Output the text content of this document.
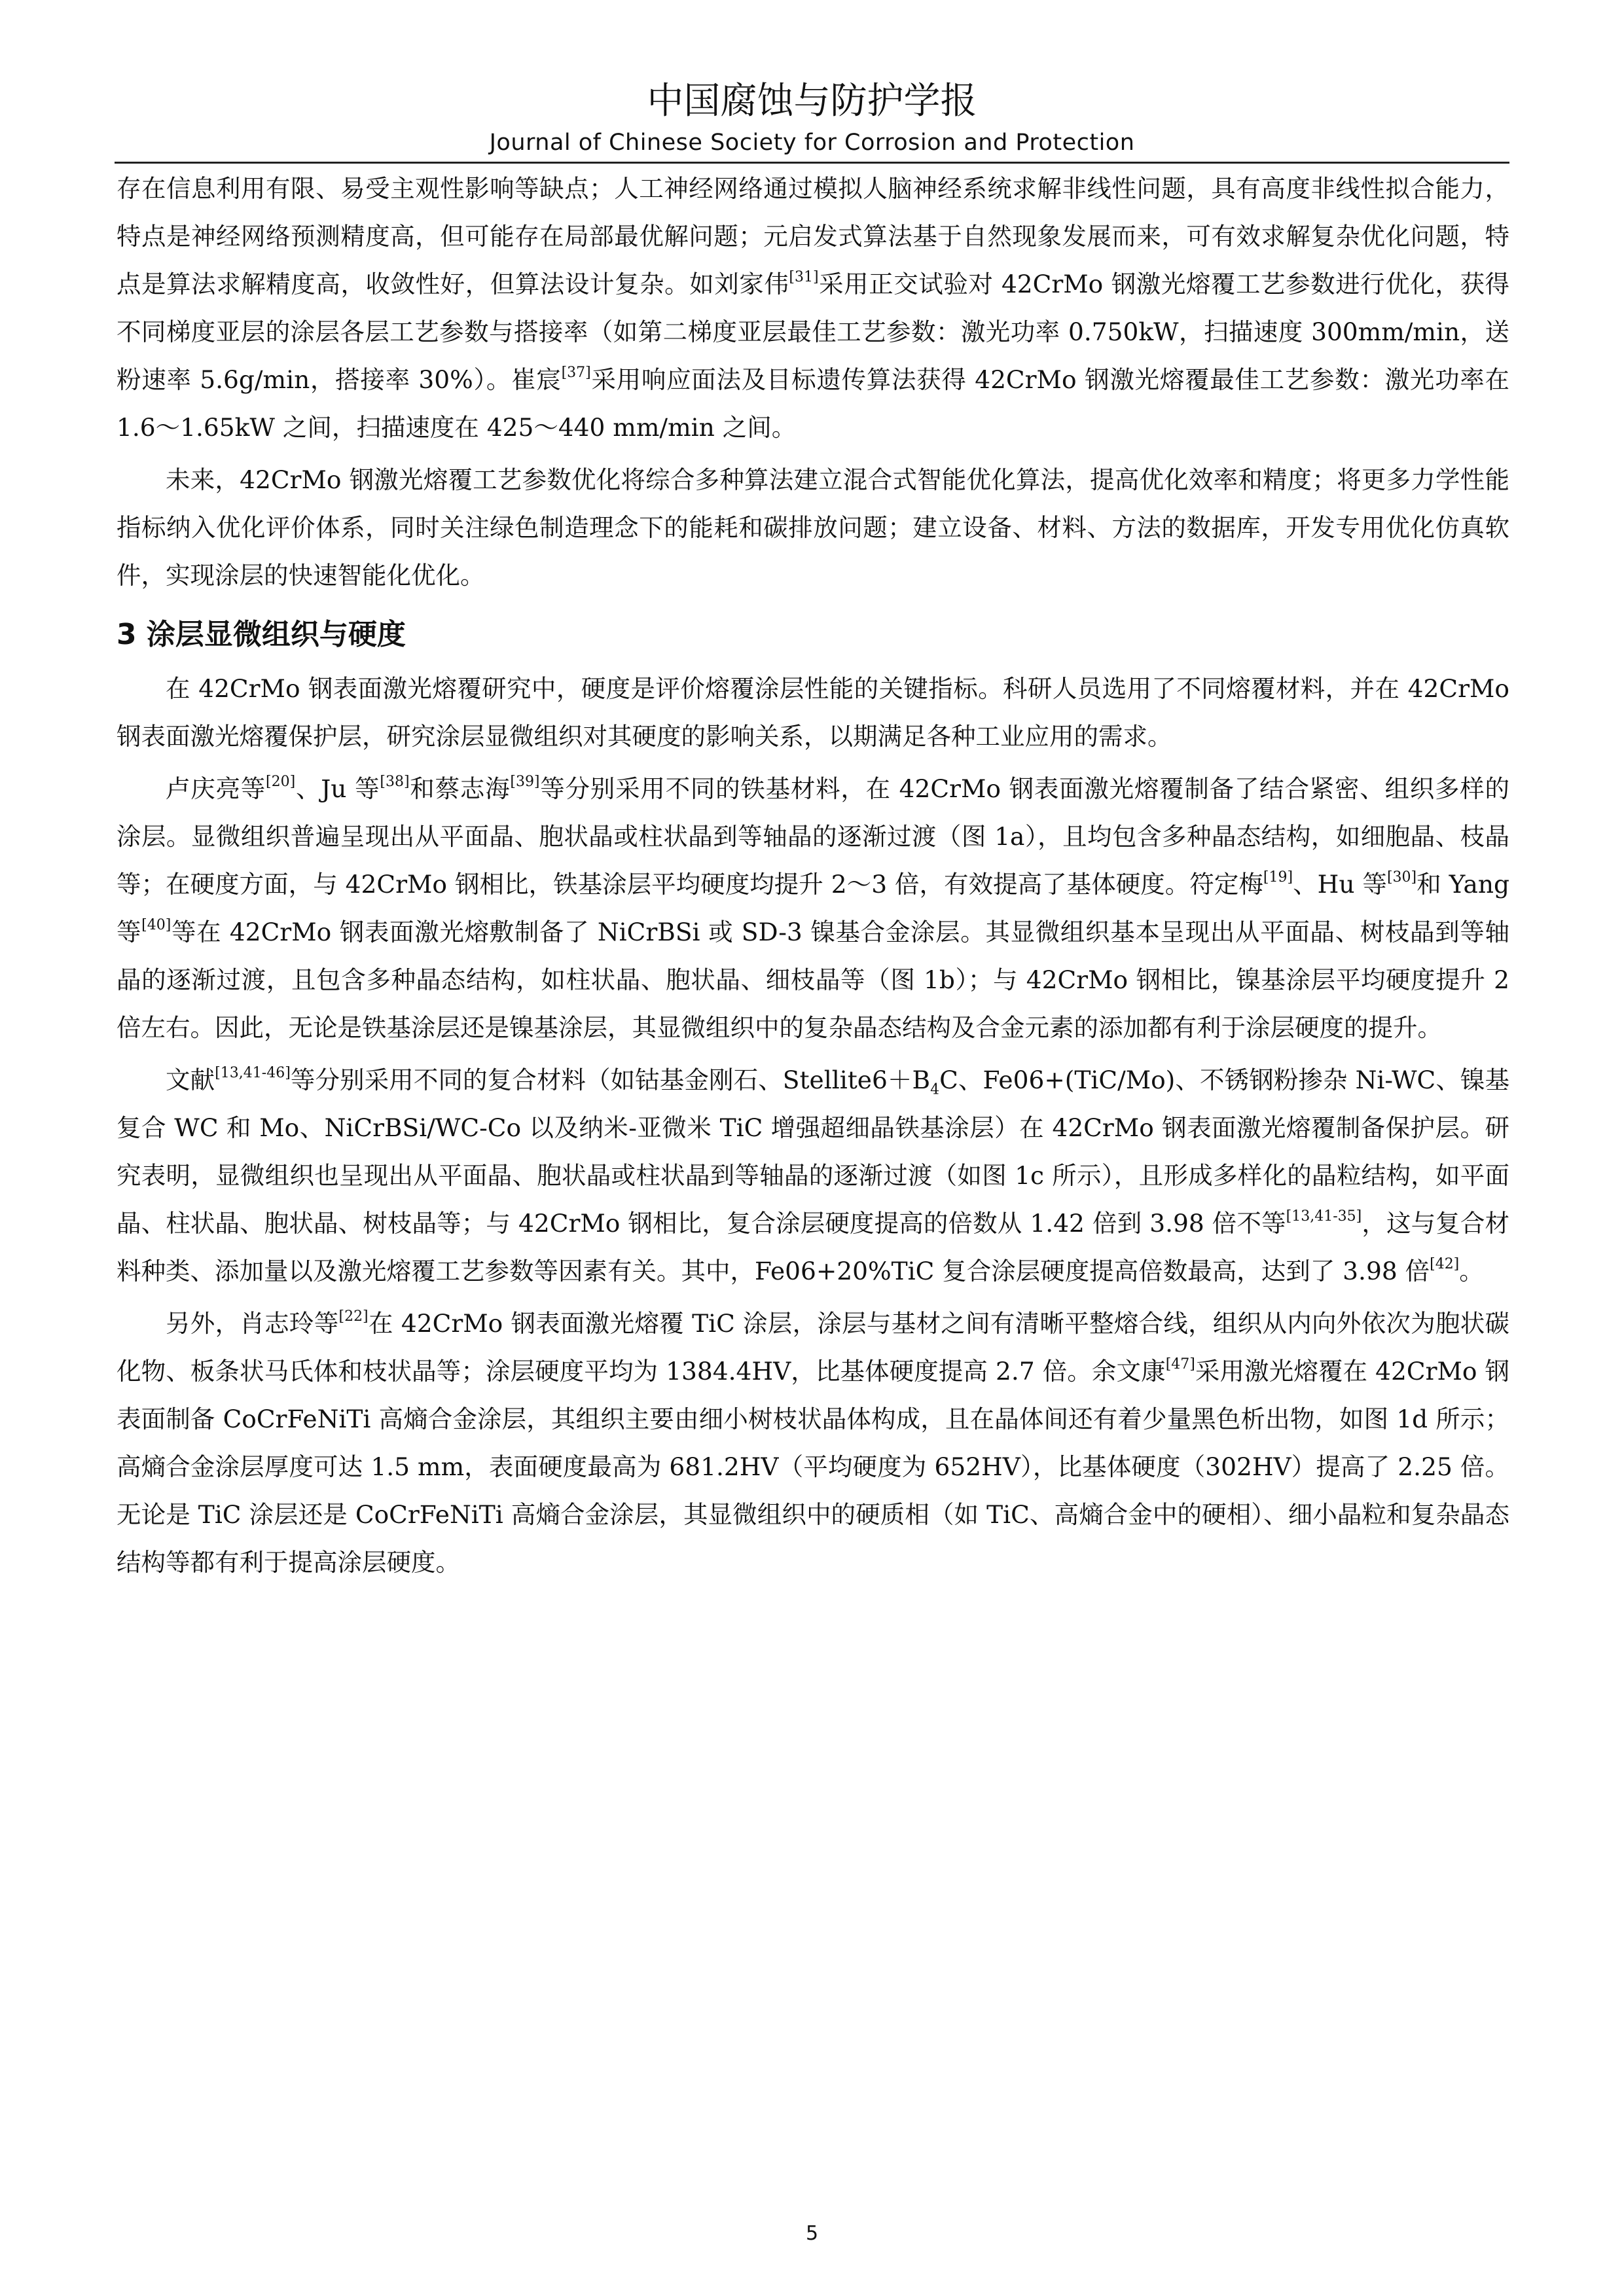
中国腐蚀与防护学报
Journal of Chinese Society for Corrosion and Protection

存在信息利用有限、易受主观性影响等缺点；人工神经网络通过模拟人脑神经系统求解非线性问题，具有高度非线性拟合能力，特点是神经网络预测精度高，但可能存在局部最优解问题；元启发式算法基于自然现象发展而来，可有效求解复杂优化问题，特点是算法求解精度高，收敛性好，但算法设计复杂。如刘家伟[31]采用正交试验对 42CrMo 钢激光熔覆工艺参数进行优化，获得不同梯度亚层的涂层各层工艺参数与搭接率（如第二梯度亚层最佳工艺参数：激光功率 0.750kW，扫描速度 300mm/min，送粉速率 5.6g/min，搭接率 30%）。崔宸[37]采用响应面法及目标遗传算法获得 42CrMo 钢激光熔覆最佳工艺参数：激光功率在 1.6～1.65kW 之间，扫描速度在 425～440 mm/min 之间。

未来，42CrMo 钢激光熔覆工艺参数优化将综合多种算法建立混合式智能优化算法，提高优化效率和精度；将更多力学性能指标纳入优化评价体系，同时关注绿色制造理念下的能耗和碳排放问题；建立设备、材料、方法的数据库，开发专用优化仿真软件，实现涂层的快速智能化优化。

3 涂层显微组织与硬度

在 42CrMo 钢表面激光熔覆研究中，硬度是评价熔覆涂层性能的关键指标。科研人员选用了不同熔覆材料，并在 42CrMo 钢表面激光熔覆保护层，研究涂层显微组织对其硬度的影响关系，以期满足各种工业应用的需求。

卢庆亮等[20]、Ju 等[38]和蔡志海[39]等分别采用不同的铁基材料，在 42CrMo 钢表面激光熔覆制备了结合紧密、组织多样的涂层。显微组织普遍呈现出从平面晶、胞状晶或柱状晶到等轴晶的逐渐过渡（图 1a），且均包含多种晶态结构，如细胞晶、枝晶等；在硬度方面，与 42CrMo 钢相比，铁基涂层平均硬度均提升 2～3 倍，有效提高了基体硬度。符定梅[19]、Hu 等[30]和 Yang 等[40]等在 42CrMo 钢表面激光熔敷制备了 NiCrBSi 或 SD-3 镍基合金涂层。其显微组织基本呈现出从平面晶、树枝晶到等轴晶的逐渐过渡，且包含多种晶态结构，如柱状晶、胞状晶、细枝晶等（图 1b）；与 42CrMo 钢相比，镍基涂层平均硬度提升 2 倍左右。因此，无论是铁基涂层还是镍基涂层，其显微组织中的复杂晶态结构及合金元素的添加都有利于涂层硬度的提升。

文献[13,41-46]等分别采用不同的复合材料（如钴基金刚石、$Stellite6+B_4C$、Fe06+(TiC/Mo)、不锈钢粉掺杂 Ni-WC、镍基复合 WC 和 Mo、NiCrBSi/WC-Co 以及纳米-亚微米 TiC 增强超细晶铁基涂层）在 42CrMo 钢表面激光熔覆制备保护层。研究表明，显微组织也呈现出从平面晶、胞状晶或柱状晶到等轴晶的逐渐过渡（如图 1c 所示），且形成多样化的晶粒结构，如平面晶、柱状晶、胞状晶、树枝晶等；与 42CrMo 钢相比，复合涂层硬度提高的倍数从 1.42 倍到 3.98 倍不等[13,41-35]，这与复合材料种类、添加量以及激光熔覆工艺参数等因素有关。其中，Fe06+20%TiC 复合涂层硬度提高倍数最高，达到了 3.98 倍[42]。

另外，肖志玲等[22]在 42CrMo 钢表面激光熔覆 TiC 涂层，涂层与基材之间有清晰平整熔合线，组织从内向外依次为胞状碳化物、板条状马氏体和枝状晶等；涂层硬度平均为 1384.4HV，比基体硬度提高 2.7 倍。余文康[47]采用激光熔覆在 42CrMo 钢表面制备 CoCrFeNiTi 高熵合金涂层，其组织主要由细小树枝状晶体构成，且在晶体间还有着少量黑色析出物，如图 1d 所示；高熵合金涂层厚度可达 1.5 mm，表面硬度最高为 681.2HV（平均硬度为 652HV），比基体硬度（302HV）提高了 2.25 倍。无论是 TiC 涂层还是 CoCrFeNiTi 高熵合金涂层，其显微组织中的硬质相（如 TiC、高熵合金中的硬相）、细小晶粒和复杂晶态结构等都有利于提高涂层硬度。

5
